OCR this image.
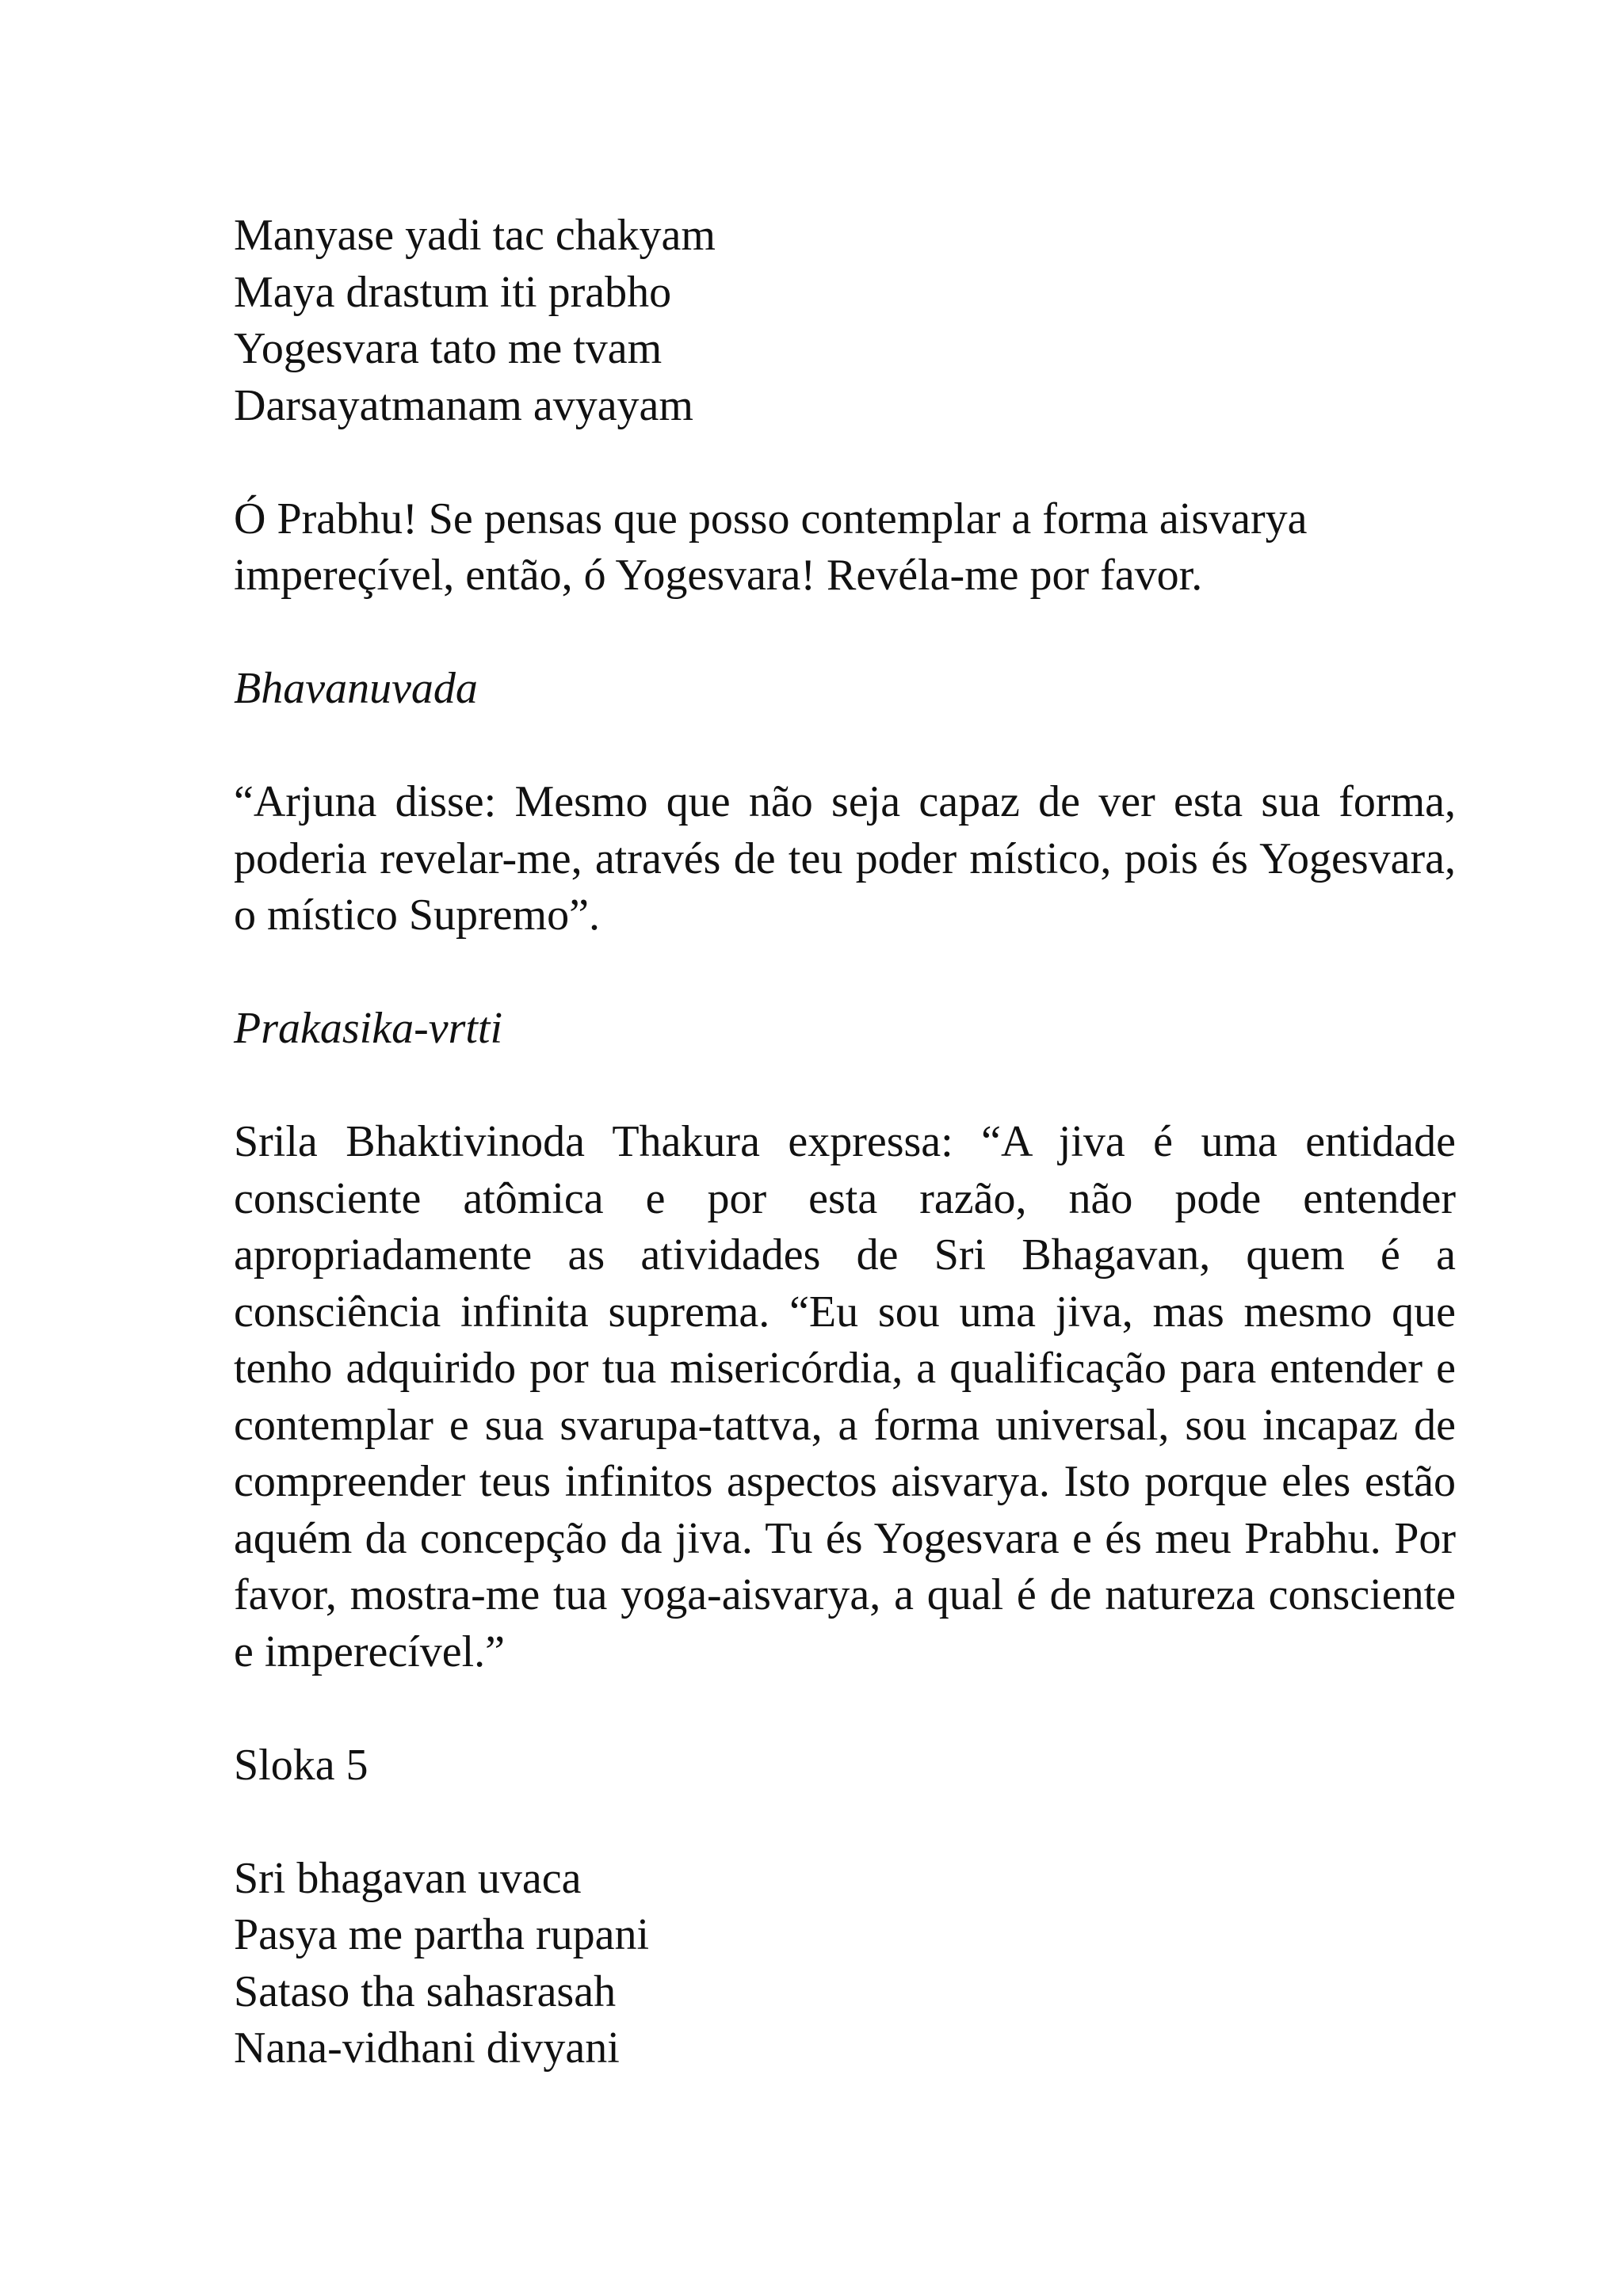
Manyase yadi tac chakyam

Maya drastum iti prabho

Yogesvara tato me tvam

Darsayatmanam avyayam

Ó Prabhu! Se pensas que posso contemplar a forma aisvarya impereçível, então, ó Yogesvara! Revéla-me por favor.

Bhavanuvada

“Arjuna disse: Mesmo que não seja capaz de ver esta sua forma, poderia revelar-me, através de teu poder místico, pois és Yogesvara, o místico Supremo”.

Prakasika-vrtti

Srila Bhaktivinoda Thakura expressa: “A jiva é uma entidade consciente atômica e por esta razão, não pode entender apropriadamente as atividades de Sri Bhagavan, quem é a consciência infinita suprema. “Eu sou uma jiva, mas mesmo que tenho adquirido por tua misericórdia, a qualificação para entender e contemplar e sua svarupa-tattva, a forma universal, sou incapaz de compreender teus infinitos aspectos aisvarya. Isto porque eles estão aquém da concepção da jiva. Tu és Yogesvara e és meu Prabhu. Por favor, mostra-me tua yoga-aisvarya, a qual é de natureza consciente e imperecível.”

Sloka 5

Sri bhagavan uvaca

Pasya me partha rupani

Sataso tha sahasrasah

Nana-vidhani divyani
